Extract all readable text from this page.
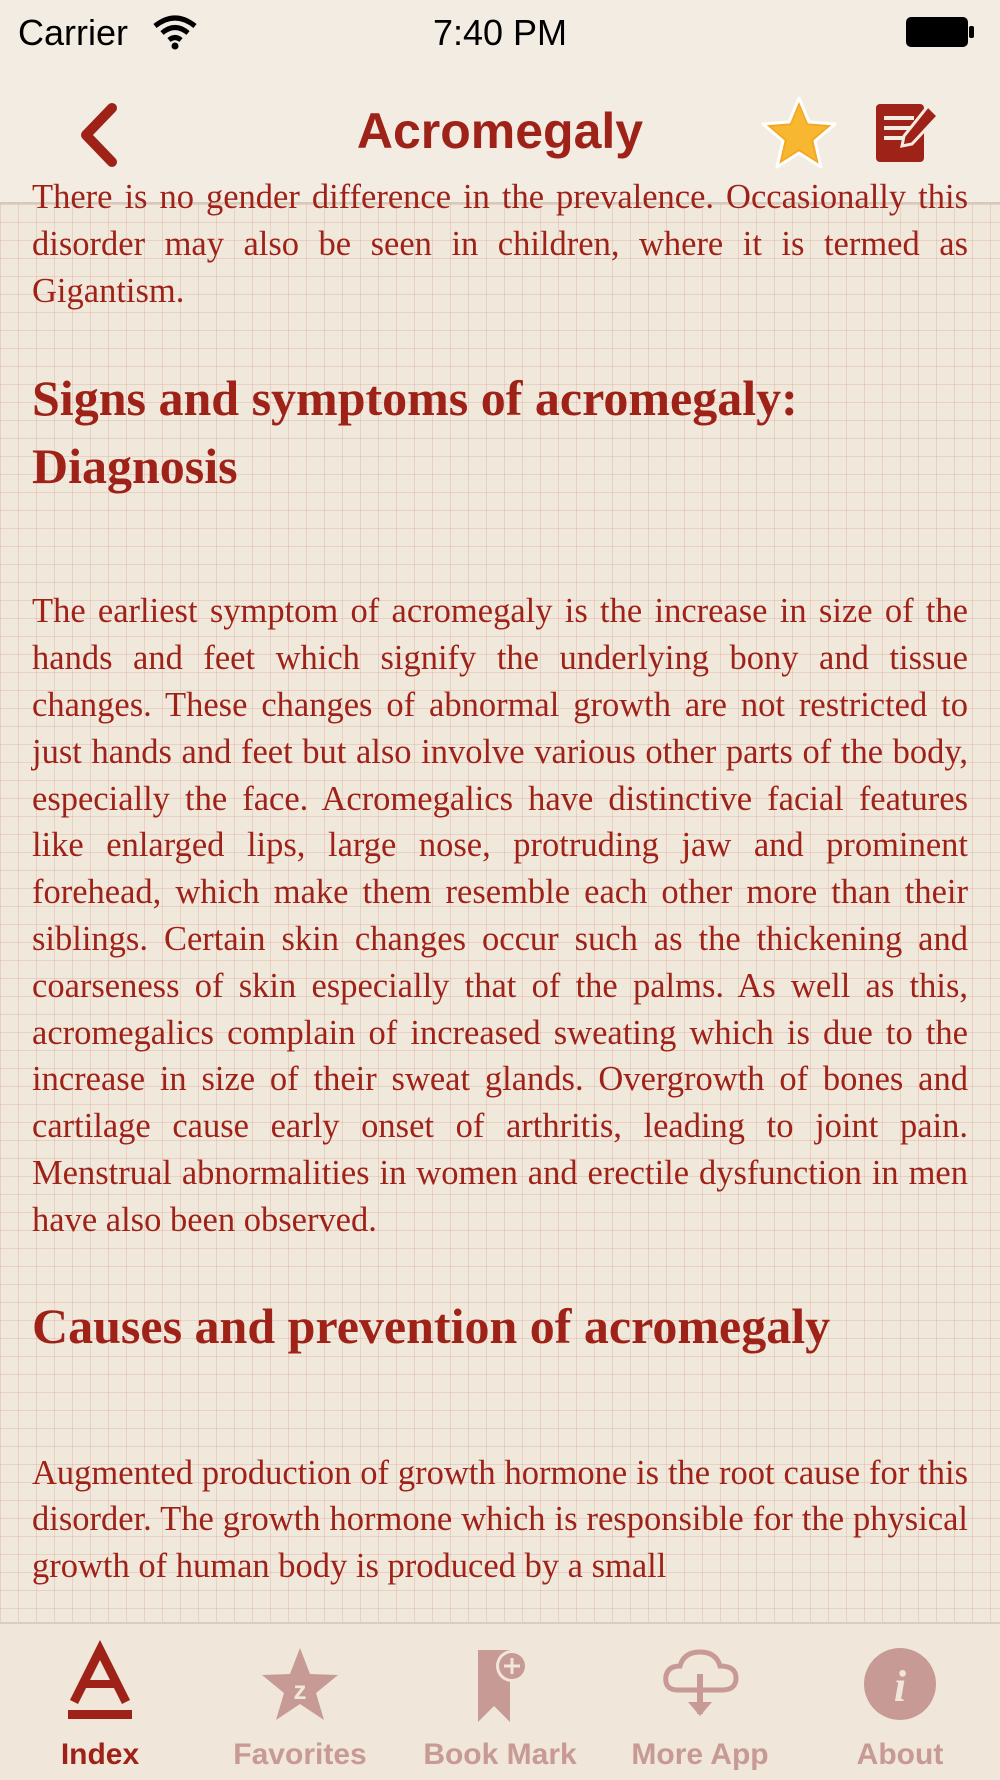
Carrier	7:40 PM
Acromegaly

There is no gender difference in the prevalence. Occasionally this disorder may also be seen in children, where it is termed as Gigantism.

Signs and symptoms of acromegaly: Diagnosis

The earliest symptom of acromegaly is the increase in size of the hands and feet which signify the underlying bony and tissue changes. These changes of abnormal growth are not restricted to just hands and feet but also involve various other parts of the body, especially the face. Acromegalics have distinctive facial features like enlarged lips, large nose, protruding jaw and prominent forehead, which make them resemble each other more than their siblings. Certain skin changes occur such as the thickening and coarseness of skin especially that of the palms. As well as this, acromegalics complain of increased sweating which is due to the increase in size of their sweat glands. Overgrowth of bones and cartilage cause early onset of arthritis, leading to joint pain. Menstrual abnormalities in women and erectile dysfunction in men have also been observed.

Causes and prevention of acromegaly

Augmented production of growth hormone is the root cause for this disorder. The growth hormone which is responsible for the physical growth of human body is produced by a small

Index
z
Favorites	Book Mark	More App
i
About
